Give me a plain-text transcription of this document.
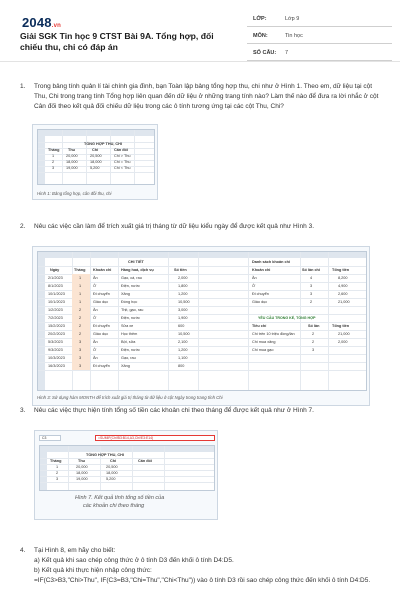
2048.vn
Giải SGK Tin học 9 CTST Bài 9A. Tổng hợp, đối chiếu thu, chi có đáp án
LỚP:	Lớp 9
MÔN:	Tin học
SỐ CÂU: 7
1. Trong bảng tính quản lí tài chính gia đình, bạn Toàn lập bảng tổng hợp thu, chi như ở Hình 1. Theo em, dữ liệu tại cột Thu, Chi trong trang tính Tổng hợp liên quan đến dữ liệu ở những trang tính nào? Làm thế nào để đưa ra lời nhắc ở cột Cân đối theo kết quả đối chiếu dữ liệu trong các ô tính tương ứng tại các cột Thu, Chi?
TỔNG HỢP THU, CHI
Tháng Thu	Chi	Cân đối
1	20,000	20,500	Chi > Thu
2	18,000	18,000	Chi = Thu
3	19,000	5,200	Chi < Thu
Hình 1: Bảng tổng hợp, cân đối thu, chi
2. Nêu các việc cần làm để trích xuất giá trị tháng từ dữ liệu kiểu ngày để được kết quả như Hình 3.
CHI TIẾT
Ngày	Tháng Khoản chi	Hàng hoá, dịch vụ	Số tiền
2/1/2023	1	Ăn	Gạo, cá, rau	2,000
8/1/2023	1	Ở	Điện, nước	1,800
10/1/2023	1	Đi chuyển	Xăng	1,200
10/1/2023	1	Giáo dục	Đóng học	10,500
1/2/2023	2	Ăn	Thịt, gạo, rau	3,000
7/2/2023	2	Ở	Điện, nước	1,900
15/2/2023	2	Đi chuyển	Sửa xe	600
20/2/2023	2	Giáo dục	Học thêm	10,500
5/3/2023	3	Ăn	Bột, sữa	2,100
9/3/2023	3	Ở	Điện, nước	1,200
10/3/2023	3	Ăn	Gạo, rau	1,100
16/3/2023	3	Đi chuyển	Xăng	800
Danh sách khoản chi
Khoản chi	Số lần chi	Tổng tiền
Ăn	4	8,200
Ở	3	4,900
Đi chuyển	3	2,600
Giáo dục	2	21,000
YÊU CẦU TRONG KẾ, TỔNG HỢP
Tiêu chí	Số lần	Tổng tiền
Chi trên 10 triệu đồng/lần	2	21,000
Chi mua xăng	2	2,000
Chi mua gạo	3
Hình 3: Sử dụng hàm MONTH để trích xuất giá trị tháng từ dữ liệu ở cột Ngày trong trang tính Chi
3. Nêu các việc thực hiện tính tổng số tiền các khoản chi theo tháng để được kết quả như ở Hình 7.
C3	=SUMIF(Chi!B3:B14,A3,Chi!E3:E14)
TỔNG HỢP THU, CHI
Tháng	Thu	Chi	Cân đối
1	20,000	20,500
2	18,000	18,000
3	19,000	5,200
Hình 7. Kết quả tính tổng số tiền của
các khoản chi theo tháng
4. Tại Hình 8, em hãy cho biết:
a) Kết quả khi sao chép công thức ở ô tính D3 đến khối ô tính D4:D5.
b) Kết quả khi thực hiện nhập công thức:
=IF(C3>B3,"Chi>Thu", IF(C3=B3,"Chi=Thu","Chi<Thu")) vào ô tính D3 rồi sao chép công thức đến khối ô tính D4:D5.
